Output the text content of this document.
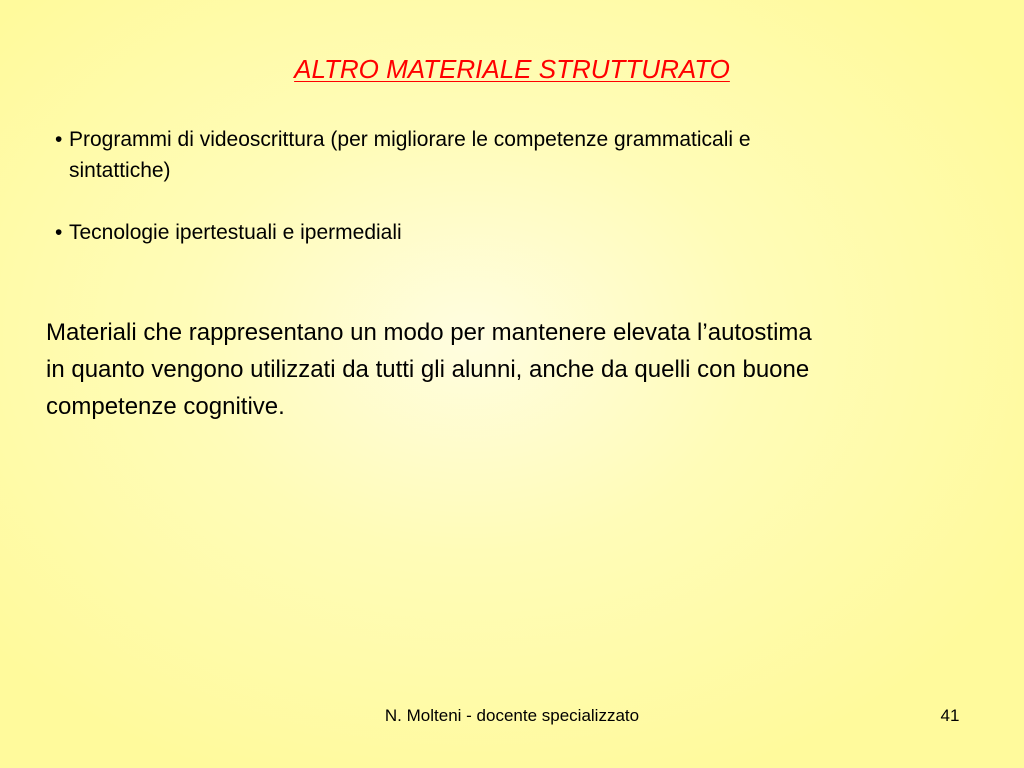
ALTRO MATERIALE STRUTTURATO
• Programmi di videoscrittura (per migliorare le competenze grammaticali e
sintattiche)
• Tecnologie ipertestuali e ipermediali
Materiali che rappresentano un modo per mantenere elevata l’autostima
in quanto vengono utilizzati da tutti gli alunni, anche da quelli con buone
competenze cognitive.
N. Molteni - docente specializzato	41
